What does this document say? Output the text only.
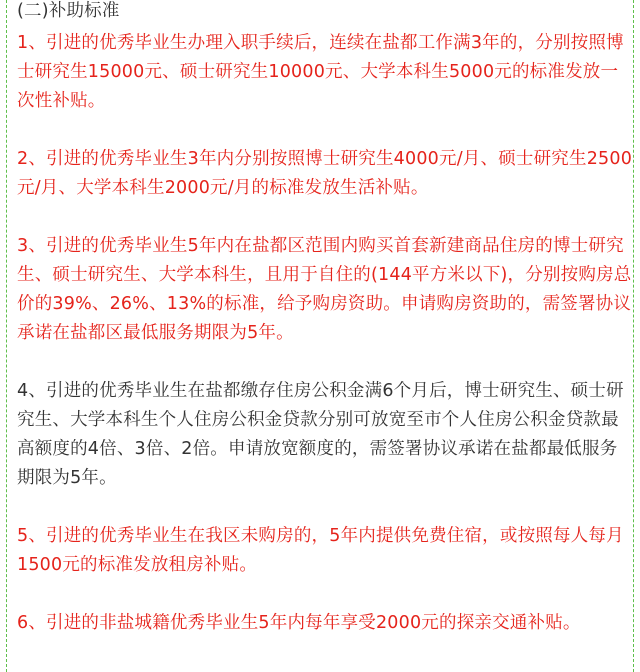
(二)补助标准

1、引进的优秀毕业生办理入职手续后，连续在盐都工作满3年的，分别按照博士研究生15000元、硕士研究生10000元、大学本科生5000元的标准发放一次性补贴。

2、引进的优秀毕业生3年内分别按照博士研究生4000元/月、硕士研究生2500元/月、大学本科生2000元/月的标准发放生活补贴。

3、引进的优秀毕业生5年内在盐都区范围内购买首套新建商品住房的博士研究生、硕士研究生、大学本科生，且用于自住的(144平方米以下)，分别按购房总价的39%、26%、13%的标准，给予购房资助。申请购房资助的，需签署协议承诺在盐都区最低服务期限为5年。

4、引进的优秀毕业生在盐都缴存住房公积金满6个月后，博士研究生、硕士研究生、大学本科生个人住房公积金贷款分别可放宽至市个人住房公积金贷款最高额度的4倍、3倍、2倍。申请放宽额度的，需签署协议承诺在盐都最低服务期限为5年。

5、引进的优秀毕业生在我区未购房的，5年内提供免费住宿，或按照每人每月1500元的标准发放租房补贴。

6、引进的非盐城籍优秀毕业生5年内每年享受2000元的探亲交通补贴。
